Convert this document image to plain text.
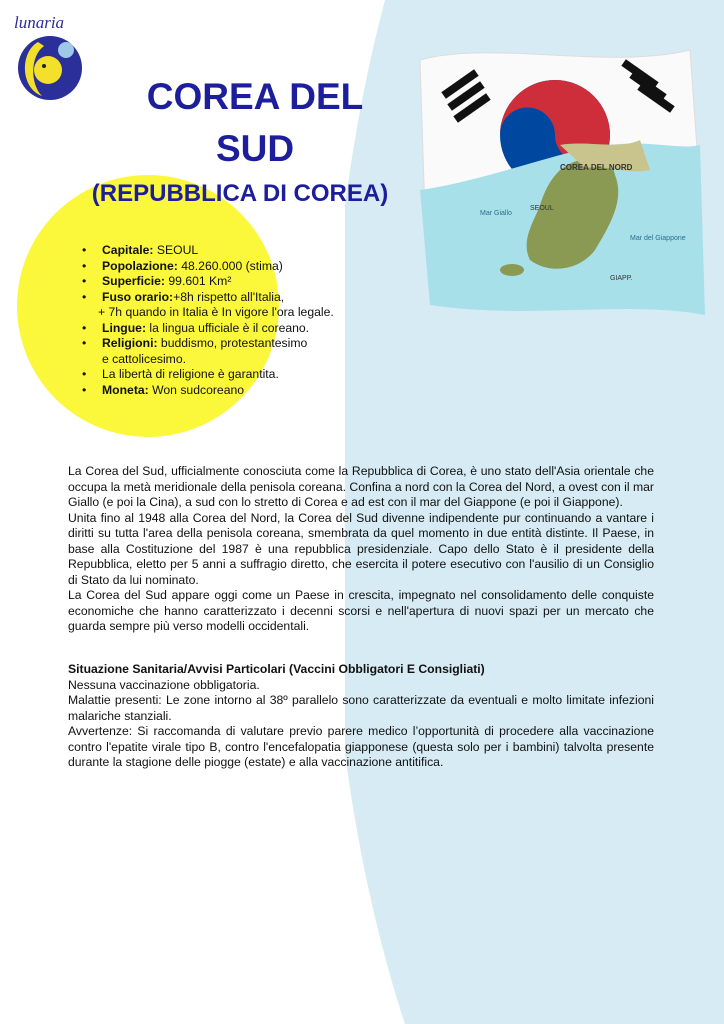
lunaria
COREA DEL
SUD
(REPUBBLICA DI COREA)
COREA DEL NORD
SEOUL
Mar Giallo
Mar del Giappone
GIAPP.
• Capitale: SEOUL
• Popolazione: 48.260.000 (stima)
• Superficie: 99.601 Km²
• Fuso orario:+8h rispetto all'Italia,
+ 7h quando in Italia è In vigore l'ora legale.
• Lingue: la lingua ufficiale è il coreano.
• Religioni: buddismo, protestantesimo
e cattolicesimo.
• La libertà di religione è garantita.
• Moneta: Won sudcoreano

La Corea del Sud, ufficialmente conosciuta come la Repubblica di Corea, è uno stato dell'Asia orientale che occupa la metà meridionale della penisola coreana. Confina a nord con la Corea del Nord, a ovest con il mar Giallo (e poi la Cina), a sud con lo stretto di Corea e ad est con il mar del Giappone (e poi il Giappone).

Unita fino al 1948 alla Corea del Nord, la Corea del Sud divenne indipendente pur continuando a vantare i diritti su tutta l'area della penisola coreana, smembrata da quel momento in due entità distinte. Il Paese, in base alla Costituzione del 1987 è una repubblica presidenziale. Capo dello Stato è il presidente della Repubblica, eletto per 5 anni a suffragio diretto, che esercita il potere esecutivo con l'ausilio di un Consiglio di Stato da lui nominato.

La Corea del Sud appare oggi come un Paese in crescita, impegnato nel consolidamento delle conquiste economiche che hanno caratterizzato i decenni scorsi e nell'apertura di nuovi spazi per un mercato che guarda sempre più verso modelli occidentali.

Situazione Sanitaria/Avvisi Particolari (Vaccini Obbligatori E Consigliati)

Nessuna vaccinazione obbligatoria.

Malattie presenti: Le zone intorno al 38º parallelo sono caratterizzate da eventuali e molto limitate infezioni malariche stanziali.

Avvertenze: Si raccomanda di valutare previo parere medico l’opportunità di procedere alla vaccinazione contro l'epatite virale tipo B, contro l'encefalopatia giapponese (questa solo per i bambini) talvolta presente durante la stagione delle piogge (estate) e alla vaccinazione antitifica.
